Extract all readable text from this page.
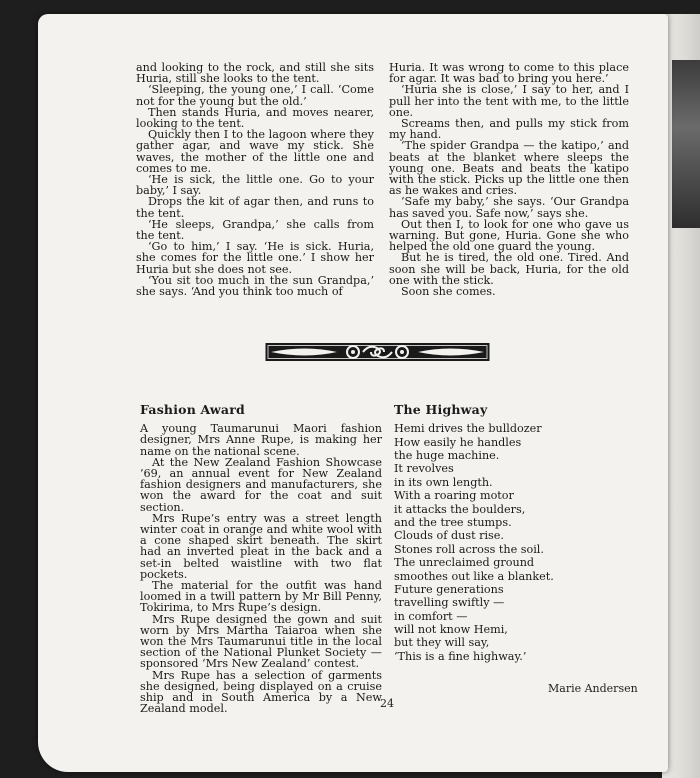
and looking to the rock, and still she sits Huria, still she looks to the tent.

‘Sleeping, the young one,’ I call. ‘Come not for the young but the old.’

Then stands Huria, and moves nearer, looking to the tent.

Quickly then I to the lagoon where they gather agar, and wave my stick. She waves, the mother of the little one and comes to me.

‘He is sick, the little one. Go to your baby,’ I say.

Drops the kit of agar then, and runs to the tent.

‘He sleeps, Grandpa,’ she calls from the tent.

‘Go to him,’ I say. ‘He is sick. Huria, she comes for the little one.’ I show her Huria but she does not see.

‘You sit too much in the sun Grandpa,’ she says. ‘And you think too much of

Huria. It was wrong to come to this place for agar. It was bad to bring you here.’

‘Huria she is close,’ I say to her, and I pull her into the tent with me, to the little one.

Screams then, and pulls my stick from my hand.

‘The spider Grandpa — the katipo,’ and beats at the blanket where sleeps the young one. Beats and beats the katipo with the stick. Picks up the little one then as he wakes and cries.

‘Safe my baby,’ she says. ‘Our Grandpa has saved you. Safe now,’ says she.

Out then I, to look for one who gave us warning. But gone, Huria. Gone she who helped the old one guard the young.

But he is tired, the old one. Tired. And soon she will be back, Huria, for the old one with the stick.

Soon she comes.

Fashion Award

A young Taumarunui Maori fashion designer, Mrs Anne Rupe, is making her name on the national scene.

At the New Zealand Fashion Showcase ’69, an annual event for New Zealand fashion designers and manufacturers, she won the award for the coat and suit section.

Mrs Rupe’s entry was a street length winter coat in orange and white wool with a cone shaped skirt beneath. The skirt had an inverted pleat in the back and a set-in belted waistline with two flat pockets.

The material for the outfit was hand loomed in a twill pattern by Mr Bill Penny, Tokirima, to Mrs Rupe’s design.

Mrs Rupe designed the gown and suit worn by Mrs Martha Taiaroa when she won the Mrs Taumarunui title in the local section of the National Plunket Society — sponsored ‘Mrs New Zealand’ contest.

Mrs Rupe has a selection of garments she designed, being displayed on a cruise ship and in South America by a New Zealand model.

The Highway
Hemi drives the bulldozer
How easily he handles
the huge machine.
It revolves
in its own length.
With a roaring motor
it attacks the boulders,
and the tree stumps.
Clouds of dust rise.
Stones roll across the soil.
The unreclaimed ground
smoothes out like a blanket.
Future generations
travelling swiftly —
in comfort —
will not know Hemi,
but they will say,
‘This is a fine highway.’
Marie Andersen
24
